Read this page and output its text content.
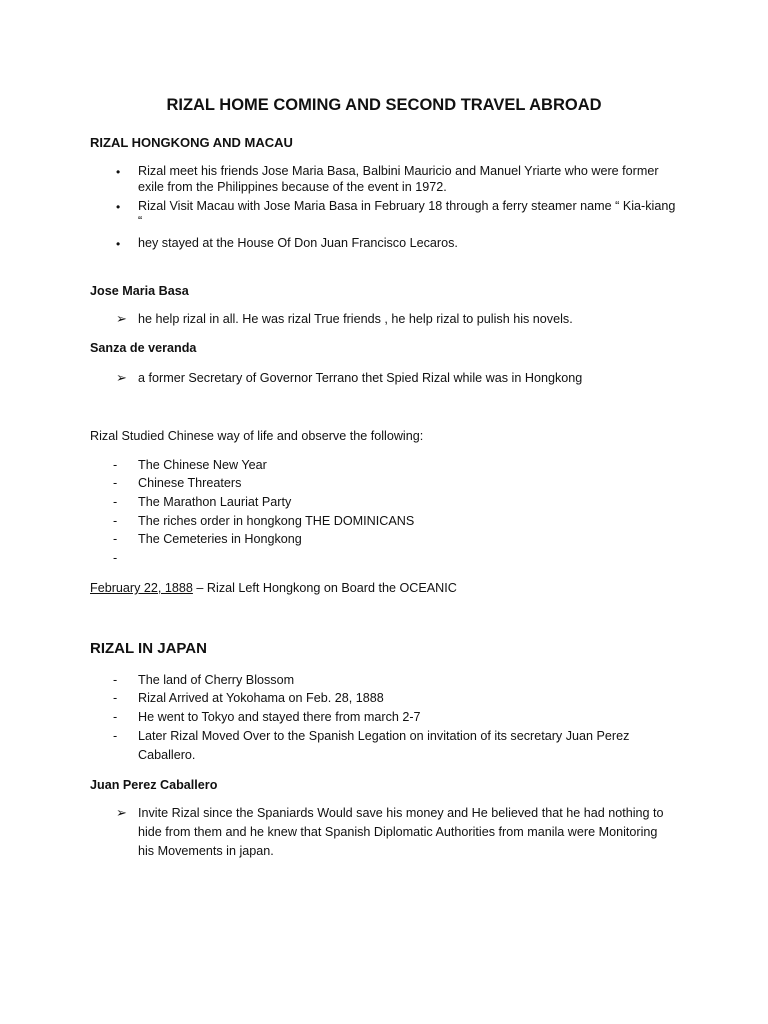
RIZAL HOME COMING AND SECOND TRAVEL ABROAD
RIZAL HONGKONG AND MACAU
• Rizal meet his friends Jose Maria Basa, Balbini Mauricio and Manuel Yriarte who were former
exile from the Philippines because of the event in 1972.
• Rizal Visit Macau with Jose Maria Basa in February 18 through a ferry steamer name “ Kia-kiang
“
• hey stayed at the House Of Don Juan Francisco Lecaros.
Jose Maria Basa
➢ he help rizal in all. He was rizal True friends , he help rizal to pulish his novels.
Sanza de veranda
➢ a former Secretary of Governor Terrano thet Spied Rizal while was in Hongkong
Rizal Studied Chinese way of life and observe the following:
- The Chinese New Year
- Chinese Threaters
- The Marathon Lauriat Party
- The riches order in hongkong THE DOMINICANS
- The Cemeteries in Hongkong
-
February 22, 1888 – Rizal Left Hongkong on Board the OCEANIC
RIZAL IN JAPAN
- The land of Cherry Blossom
- Rizal Arrived at Yokohama on Feb. 28, 1888
- He went to Tokyo and stayed there from march 2-7
- Later Rizal Moved Over to the Spanish Legation on invitation of its secretary Juan Perez
Caballero.
Juan Perez Caballero
➢ Invite Rizal since the Spaniards Would save his money and He believed that he had nothing to
hide from them and he knew that Spanish Diplomatic Authorities from manila were Monitoring
his Movements in japan.
